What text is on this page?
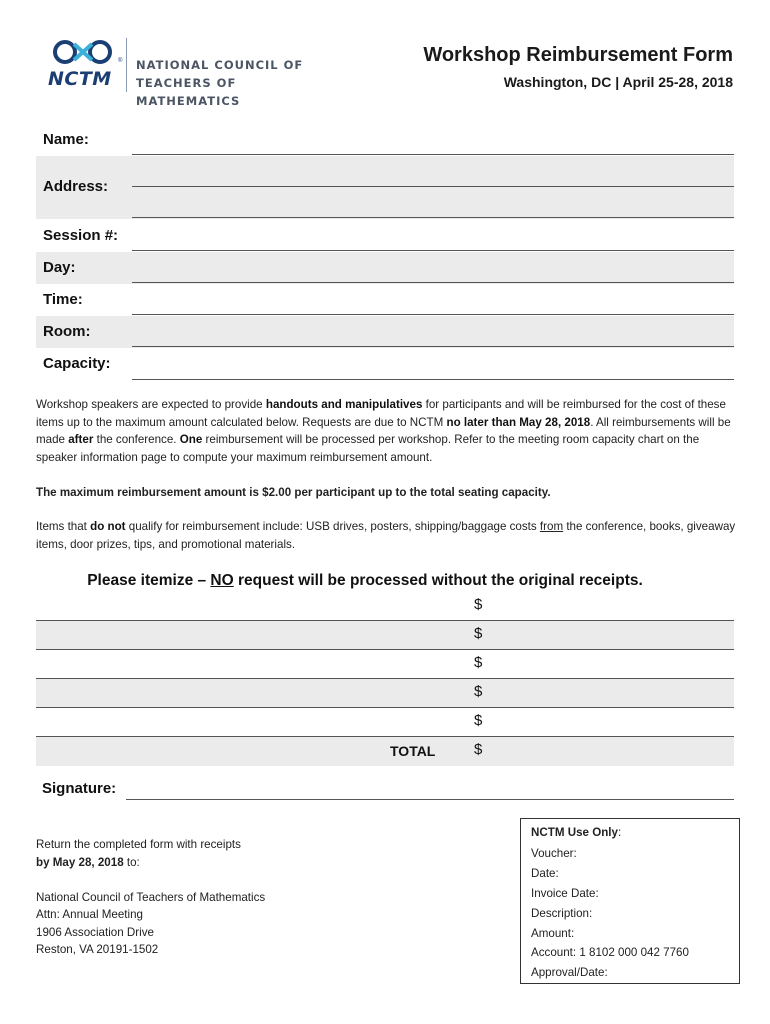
NCTM
® NATIONAL COUNCIL OF
TEACHERS OF MATHEMATICS
Workshop Reimbursement Form
Washington, DC | April 25-28, 2018
Name:
Address:
Session #:
Day:
Time:
Room:
Capacity:
Workshop speakers are expected to provide handouts and manipulatives for participants and will be reimbursed for the cost of these items up to the maximum amount calculated below. Requests are due to NCTM no later than May 28, 2018. All reimbursements will be made after the conference. One reimbursement will be processed per workshop. Refer to the meeting room capacity chart on the speaker information page to compute your maximum reimbursement amount.
The maximum reimbursement amount is $2.00 per participant up to the total seating capacity.
Items that do not qualify for reimbursement include: USB drives, posters, shipping/baggage costs from the conference, books, giveaway items, door prizes, tips, and promotional materials.
Please itemize – NO request will be processed without the original receipts.
$
$
$
$
$
TOTAL	$
Signature:
Return the completed form with receipts
by May 28, 2018 to:
National Council of Teachers of Mathematics
Attn: Annual Meeting
1906 Association Drive
Reston, VA 20191-1502
NCTM Use Only:
Voucher:
Date:
Invoice Date:
Description:
Amount:
Account: 1 8102 000 042 7760
Approval/Date:
